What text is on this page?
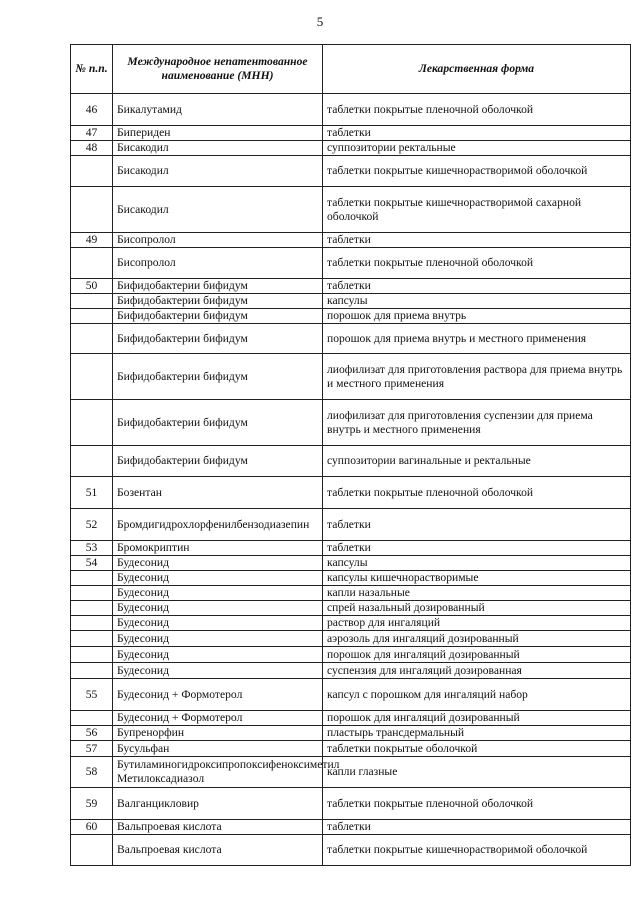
5
№ п.п.	Международное непатентованное наименование (МНН)	Лекарственная форма
46	Бикалутамид	таблетки покрытые пленочной оболочкой
47	Бипериден	таблетки
48	Бисакодил	суппозитории ректальные
	Бисакодил	таблетки покрытые кишечнорастворимой оболочкой
	Бисакодил	таблетки покрытые кишечнорастворимой сахарной оболочкой
49	Бисопролол	таблетки
	Бисопролол	таблетки покрытые пленочной оболочкой
50	Бифидобактерии бифидум	таблетки
	Бифидобактерии бифидум	капсулы
	Бифидобактерии бифидум	порошок для приема внутрь
	Бифидобактерии бифидум	порошок для приема внутрь и местного применения
	Бифидобактерии бифидум	лиофилизат для приготовления раствора для приема внутрь и местного применения
	Бифидобактерии бифидум	лиофилизат для приготовления суспензии для приема внутрь и местного применения
	Бифидобактерии бифидум	суппозитории вагинальные и ректальные
51	Бозентан	таблетки покрытые пленочной оболочкой
52	Бромдигидрохлорфенилбензодиазепин	таблетки
53	Бромокриптин	таблетки
54	Будесонид	капсулы
	Будесонид	капсулы кишечнорастворимые
	Будесонид	капли назальные
	Будесонид	спрей назальный дозированный
	Будесонид	раствор для ингаляций
	Будесонид	аэрозоль для ингаляций дозированный
	Будесонид	порошок для ингаляций дозированный
	Будесонид	суспензия для ингаляций дозированная
55	Будесонид + Формотерол	капсул с порошком для ингаляций набор
	Будесонид + Формотерол	порошок для ингаляций дозированный
56	Бупренорфин	пластырь трансдермальный
57	Бусульфан	таблетки покрытые оболочкой
58	Бутиламиногидроксипропоксифеноксиметил Метилоксадиазол	капли глазные
59	Валганцикловир	таблетки покрытые пленочной оболочкой
60	Вальпроевая кислота	таблетки
	Вальпроевая кислота	таблетки покрытые кишечнорастворимой оболочкой
